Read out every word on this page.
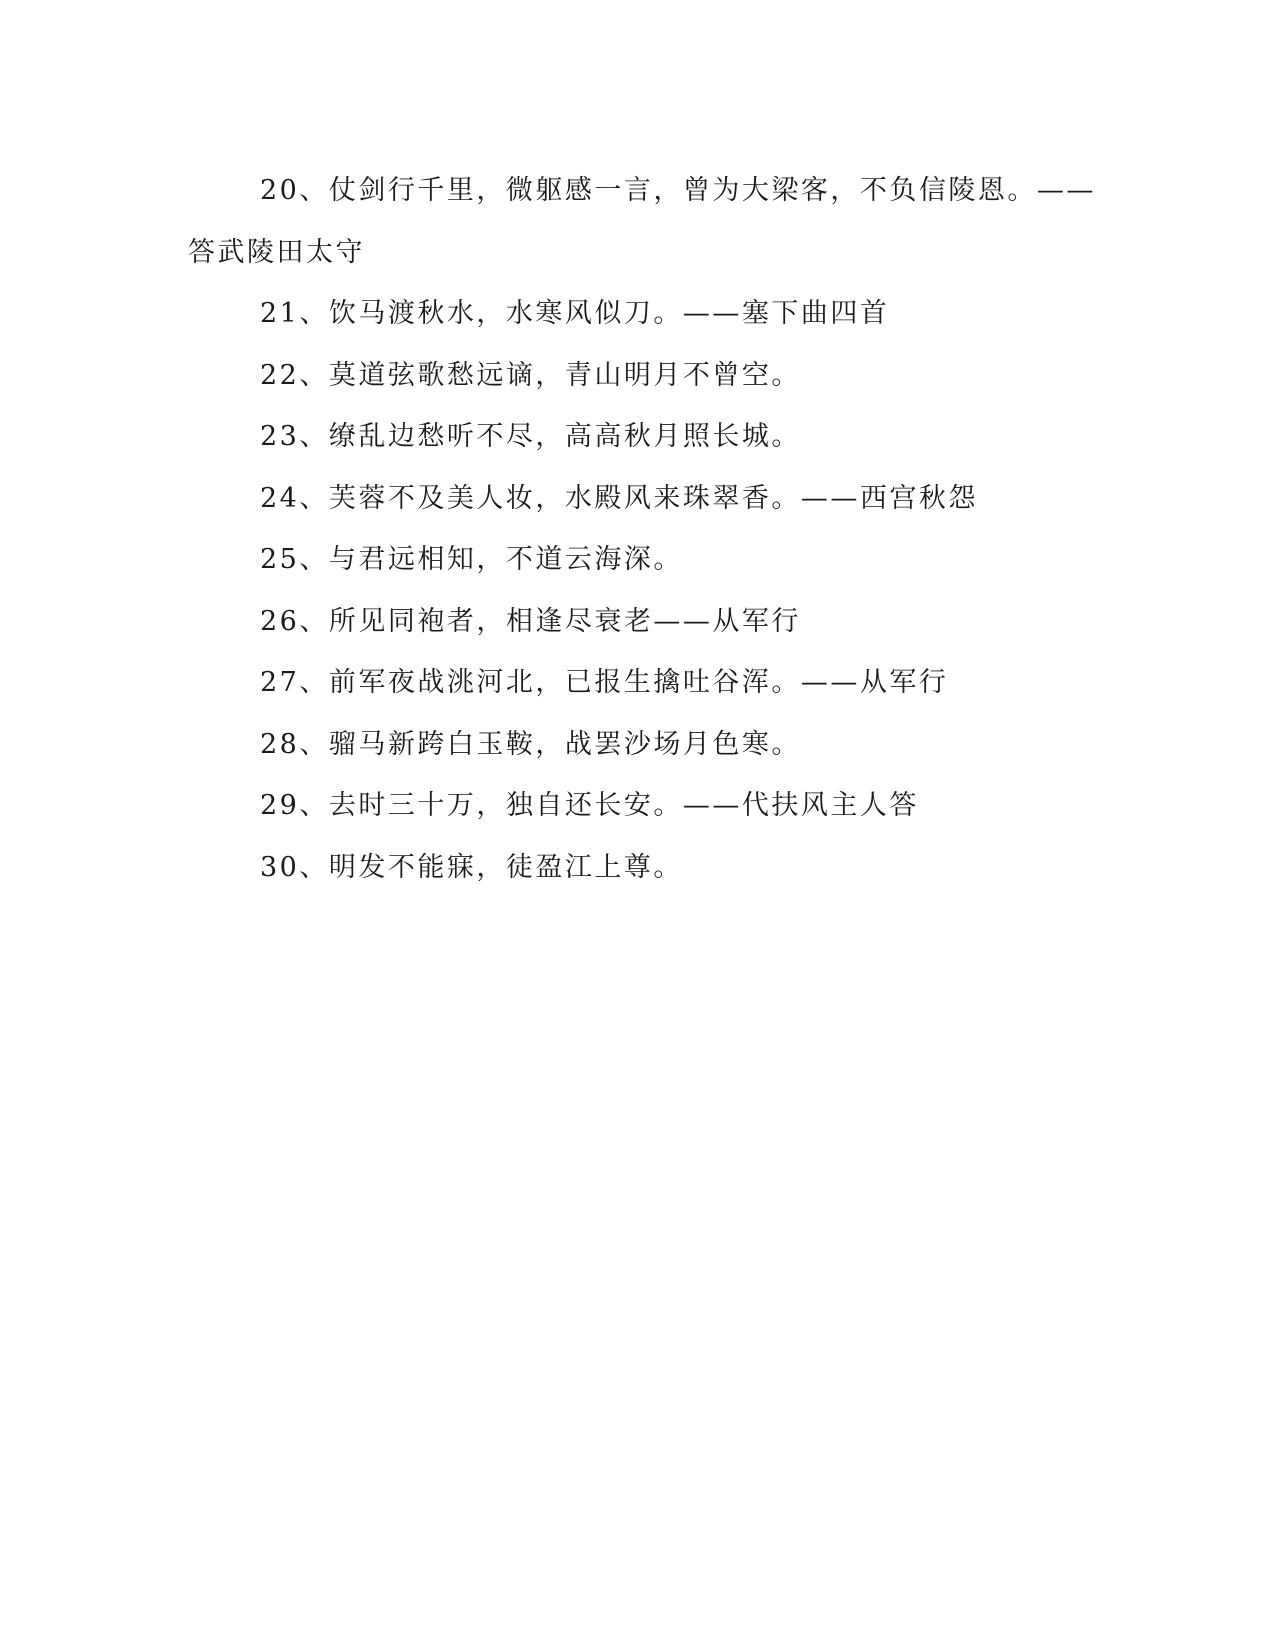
20、仗剑行千里，微躯感一言，曾为大梁客，不负信陵恩。——
答武陵田太守
21、饮马渡秋水，水寒风似刀。——塞下曲四首
22、莫道弦歌愁远谪，青山明月不曾空。
23、缭乱边愁听不尽，高高秋月照长城。
24、芙蓉不及美人妆，水殿风来珠翠香。——西宫秋怨
25、与君远相知，不道云海深。
26、所见同袍者，相逢尽衰老——从军行
27、前军夜战洮河北，已报生擒吐谷浑。——从军行
28、骝马新跨白玉鞍，战罢沙场月色寒。
29、去时三十万，独自还长安。——代扶风主人答
30、明发不能寐，徒盈江上尊。
